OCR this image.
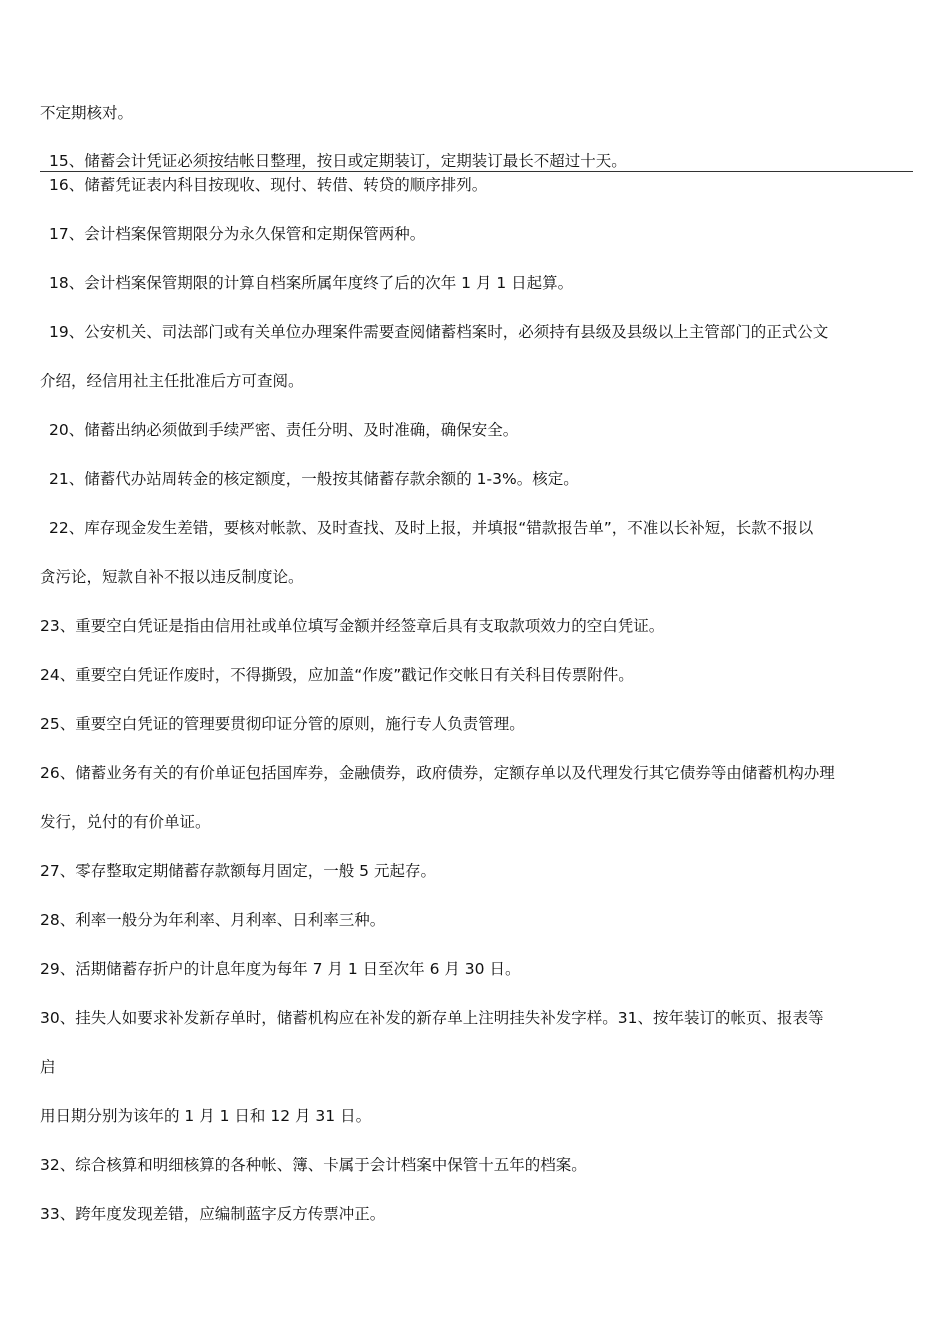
不定期核对。
15、储蓄会计凭证必须按结帐日整理，按日或定期装订，定期装订最长不超过十天。
16、储蓄凭证表内科目按现收、现付、转借、转贷的顺序排列。
17、会计档案保管期限分为永久保管和定期保管两种。
18、会计档案保管期限的计算自档案所属年度终了后的次年 1 月 1 日起算。
19、公安机关、司法部门或有关单位办理案件需要查阅储蓄档案时，必须持有县级及县级以上主管部门的正式公文
介绍，经信用社主任批准后方可查阅。
20、储蓄出纳必须做到手续严密、责任分明、及时准确，确保安全。
21、储蓄代办站周转金的核定额度，一般按其储蓄存款余额的 1-3%。核定。
22、库存现金发生差错，要核对帐款、及时查找、及时上报，并填报“错款报告单”，不准以长补短，长款不报以
贪污论，短款自补不报以违反制度论。
23、重要空白凭证是指由信用社或单位填写金额并经签章后具有支取款项效力的空白凭证。
24、重要空白凭证作废时，不得撕毁，应加盖“作废”戳记作交帐日有关科目传票附件。
25、重要空白凭证的管理要贯彻印证分管的原则，施行专人负责管理。
26、储蓄业务有关的有价单证包括国库券，金融债券，政府债券，定额存单以及代理发行其它债券等由储蓄机构办理
发行，兑付的有价单证。
27、零存整取定期储蓄存款额每月固定，一般 5 元起存。
28、利率一般分为年利率、月利率、日利率三种。
29、活期储蓄存折户的计息年度为每年 7 月 1 日至次年 6 月 30 日。
30、挂失人如要求补发新存单时，储蓄机构应在补发的新存单上注明挂失补发字样。31、按年装订的帐页、报表等
启
用日期分别为该年的 1 月 1 日和 12 月 31 日。
32、综合核算和明细核算的各种帐、簿、卡属于会计档案中保管十五年的档案。
33、跨年度发现差错，应编制蓝字反方传票冲正。
